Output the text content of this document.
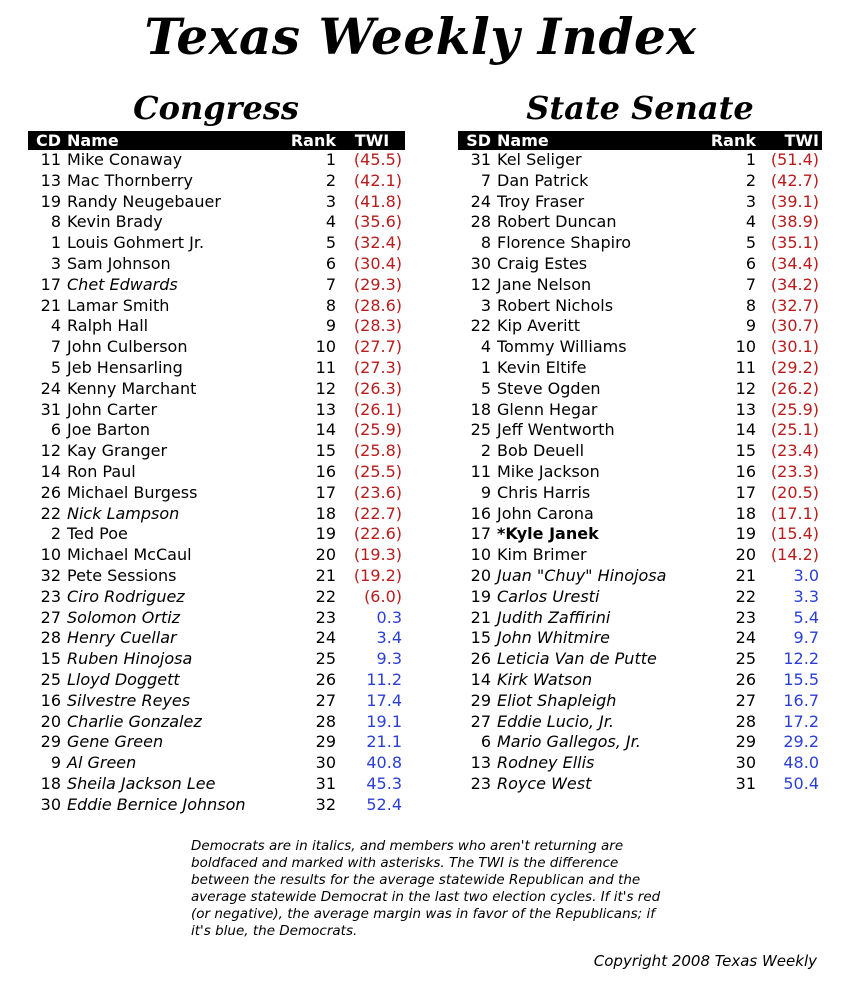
Texas Weekly Index
Congress	State Senate
CD	Name	Rank	TWI
11	Mike Conaway	1	(45.5)
13	Mac Thornberry	2	(42.1)
19	Randy Neugebauer	3	(41.8)
8	Kevin Brady	4	(35.6)
1	Louis Gohmert Jr.	5	(32.4)
3	Sam Johnson	6	(30.4)
17	Chet Edwards	7	(29.3)
21	Lamar Smith	8	(28.6)
4	Ralph Hall	9	(28.3)
7	John Culberson	10	(27.7)
5	Jeb Hensarling	11	(27.3)
24	Kenny Marchant	12	(26.3)
31	John Carter	13	(26.1)
6	Joe Barton	14	(25.9)
12	Kay Granger	15	(25.8)
14	Ron Paul	16	(25.5)
26	Michael Burgess	17	(23.6)
22	Nick Lampson	18	(22.7)
2	Ted Poe	19	(22.6)
10	Michael McCaul	20	(19.3)
32	Pete Sessions	21	(19.2)
23	Ciro Rodriguez	22	(6.0)
27	Solomon Ortiz	23	0.3
28	Henry Cuellar	24	3.4
15	Ruben Hinojosa	25	9.3
25	Lloyd Doggett	26	11.2
16	Silvestre Reyes	27	17.4
20	Charlie Gonzalez	28	19.1
29	Gene Green	29	21.1
9	Al Green	30	40.8
18	Sheila Jackson Lee	31	45.3
30	Eddie Bernice Johnson	32	52.4
SD	Name	Rank	TWI
31	Kel Seliger	1	(51.4)
7	Dan Patrick	2	(42.7)
24	Troy Fraser	3	(39.1)
28	Robert Duncan	4	(38.9)
8	Florence Shapiro	5	(35.1)
30	Craig Estes	6	(34.4)
12	Jane Nelson	7	(34.2)
3	Robert Nichols	8	(32.7)
22	Kip Averitt	9	(30.7)
4	Tommy Williams	10	(30.1)
1	Kevin Eltife	11	(29.2)
5	Steve Ogden	12	(26.2)
18	Glenn Hegar	13	(25.9)
25	Jeff Wentworth	14	(25.1)
2	Bob Deuell	15	(23.4)
11	Mike Jackson	16	(23.3)
9	Chris Harris	17	(20.5)
16	John Carona	18	(17.1)
17	*Kyle Janek	19	(15.4)
10	Kim Brimer	20	(14.2)
20	Juan "Chuy" Hinojosa	21	3.0
19	Carlos Uresti	22	3.3
21	Judith Zaffirini	23	5.4
15	John Whitmire	24	9.7
26	Leticia Van de Putte	25	12.2
14	Kirk Watson	26	15.5
29	Eliot Shapleigh	27	16.7
27	Eddie Lucio, Jr.	28	17.2
6	Mario Gallegos, Jr.	29	29.2
13	Rodney Ellis	30	48.0
23	Royce West	31	50.4
Democrats are in italics, and members who aren't returning are boldfaced and marked with asterisks. The TWI is the difference between the results for the average statewide Republican and the average statewide Democrat in the last two election cycles. If it's red (or negative), the average margin was in favor of the Republicans; if it's blue, the Democrats.
Copyright 2008 Texas Weekly
